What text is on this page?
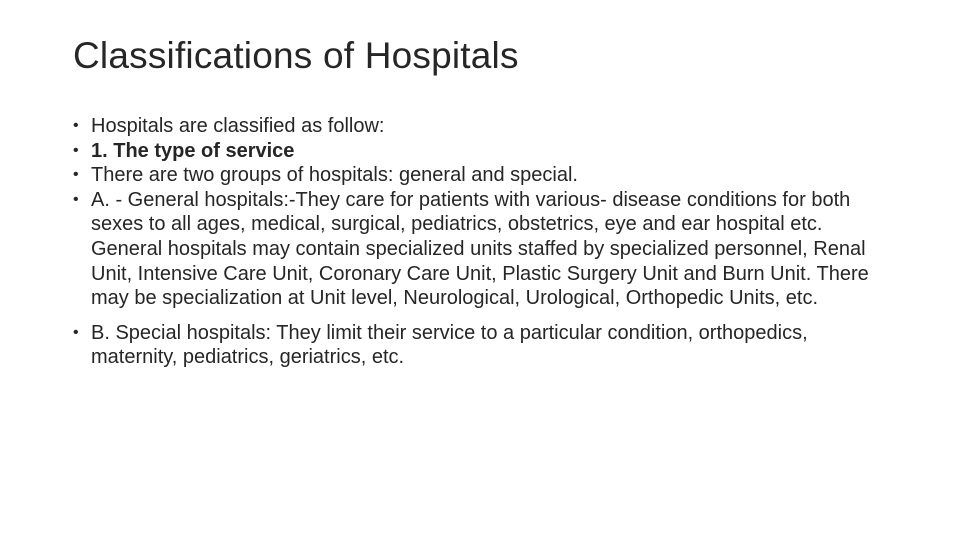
Classifications of Hospitals
• Hospitals are classified as follow:
• 1. The type of service
• There are two groups of hospitals: general and special.
• A. - General hospitals:-They care for patients with various- disease conditions for both sexes to all ages, medical, surgical, pediatrics, obstetrics, eye and ear hospital etc. General hospitals may contain specialized units staffed by specialized personnel, Renal Unit, Intensive Care Unit, Coronary Care Unit, Plastic Surgery Unit and Burn Unit. There may be specialization at Unit level, Neurological, Urological, Orthopedic Units, etc.
• B. Special hospitals: They limit their service to a particular condition, orthopedics, maternity, pediatrics, geriatrics, etc.
